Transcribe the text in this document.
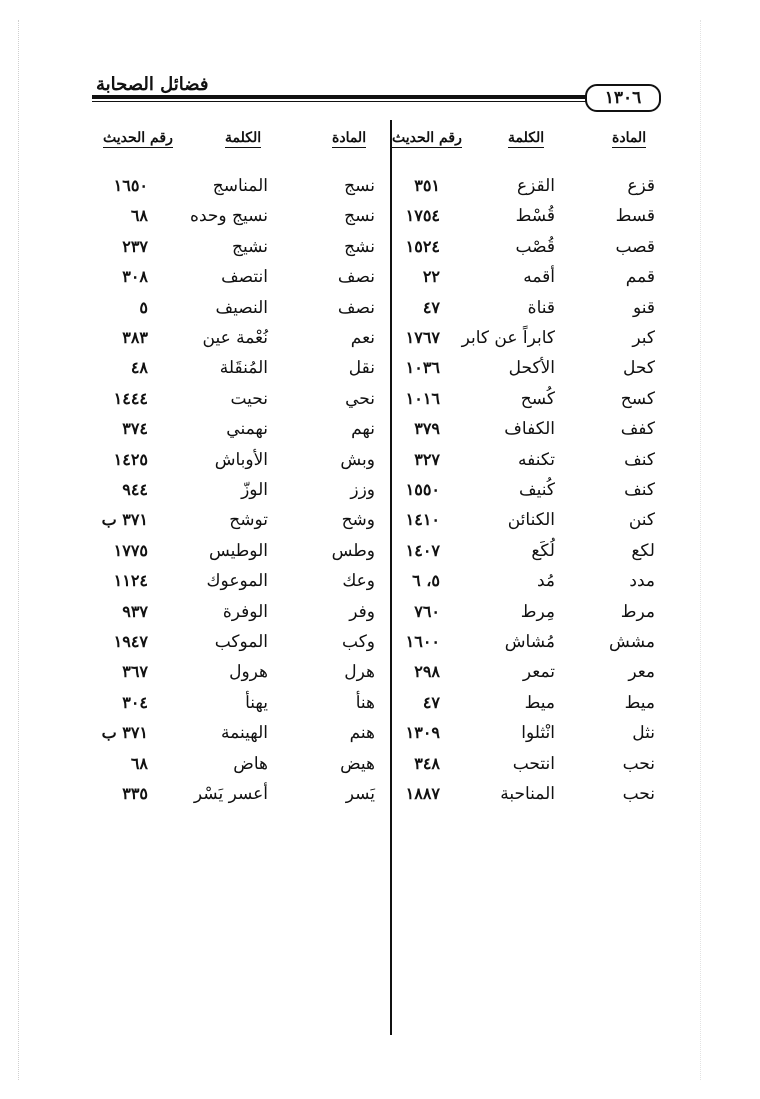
فضائل الصحابة
١٣٠٦
المادة
الكلمة
رقم الحديث
المادة
الكلمة
رقم الحديث
قزع
القزع
٣٥١
قسط
قُسْط
١٧٥٤
قصب
قُصْب
١٥٢٤
قمم
أقمه
٢٢
قنو
قناة
٤٧
كبر
كابراً عن كابر
١٧٦٧
كحل
الأكحل
١٠٣٦
كسح
كُسح
١٠١٦
كفف
الكفاف
٣٧٩
كنف
تكنفه
٣٢٧
كنف
كُنيف
١٥٥٠
كنن
الكنائن
١٤١٠
لكع
لُكَع
١٤٠٧
مدد
مُد
٥، ٦
مرط
مِرط
٧٦٠
مشش
مُشاش
١٦٠٠
معر
تمعر
٢٩٨
ميط
ميط
٤٧
نثل
انْثلوا
١٣٠٩
نحب
انتحب
٣٤٨
نحب
المناحبة
١٨٨٧
نسج
المناسج
١٦٥٠
نسج
نسيج وحده
٦٨
نشج
نشيج
٢٣٧
نصف
انتصف
٣٠٨
نصف
النصيف
٥
نعم
نُعْمة عين
٣٨٣
نقل
المُنقَلة
٤٨
نحي
نحيت
١٤٤٤
نهم
نهمني
٣٧٤
وبش
الأوباش
١٤٢٥
وزز
الوزّ
٩٤٤
وشح
توشح
٣٧١ ب
وطس
الوطيس
١٧٧٥
وعك
الموعوك
١١٢٤
وفر
الوفرة
٩٣٧
وكب
الموكب
١٩٤٧
هرل
هرول
٣٦٧
هنأ
يهنأ
٣٠٤
هنم
الهينمة
٣٧١ ب
هيض
هاض
٦٨
يَسر
أعسر يَسْر
٣٣٥
